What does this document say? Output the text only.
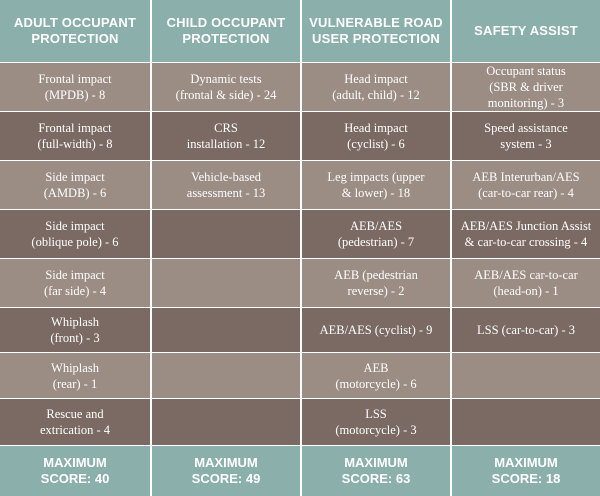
ADULT OCCUPANT PROTECTION
Frontal impact
(MPDB) - 8
Frontal impact
(full-width) - 8
Side impact
(AMDB) - 6
Side impact
(oblique pole) - 6
Side impact
(far side) - 4
Whiplash
(front) - 3
Whiplash
(rear) - 1
Rescue and
extrication - 4
MAXIMUM
SCORE: 40
CHILD OCCUPANT PROTECTION
Dynamic tests
(frontal & side) - 24
CRS
installation - 12
Vehicle-based
assessment - 13
MAXIMUM
SCORE: 49
VULNERABLE ROAD USER PROTECTION
Head impact
(adult, child) - 12
Head impact
(cyclist) - 6
Leg impacts (upper
& lower) - 18
AEB/AES
(pedestrian) - 7
AEB (pedestrian
reverse) - 2
AEB/AES (cyclist) - 9
AEB
(motorcycle) - 6
LSS
(motorcycle) - 3
MAXIMUM
SCORE: 63
SAFETY ASSIST
Occupant status
(SBR & driver
monitoring) - 3
Speed assistance
system - 3
AEB Interurban/AES
(car-to-car rear) - 4
AEB/AES Junction Assist
& car-to-car crossing - 4
AEB/AES car-to-car
(head-on) - 1
LSS (car-to-car) - 3
MAXIMUM
SCORE: 18
